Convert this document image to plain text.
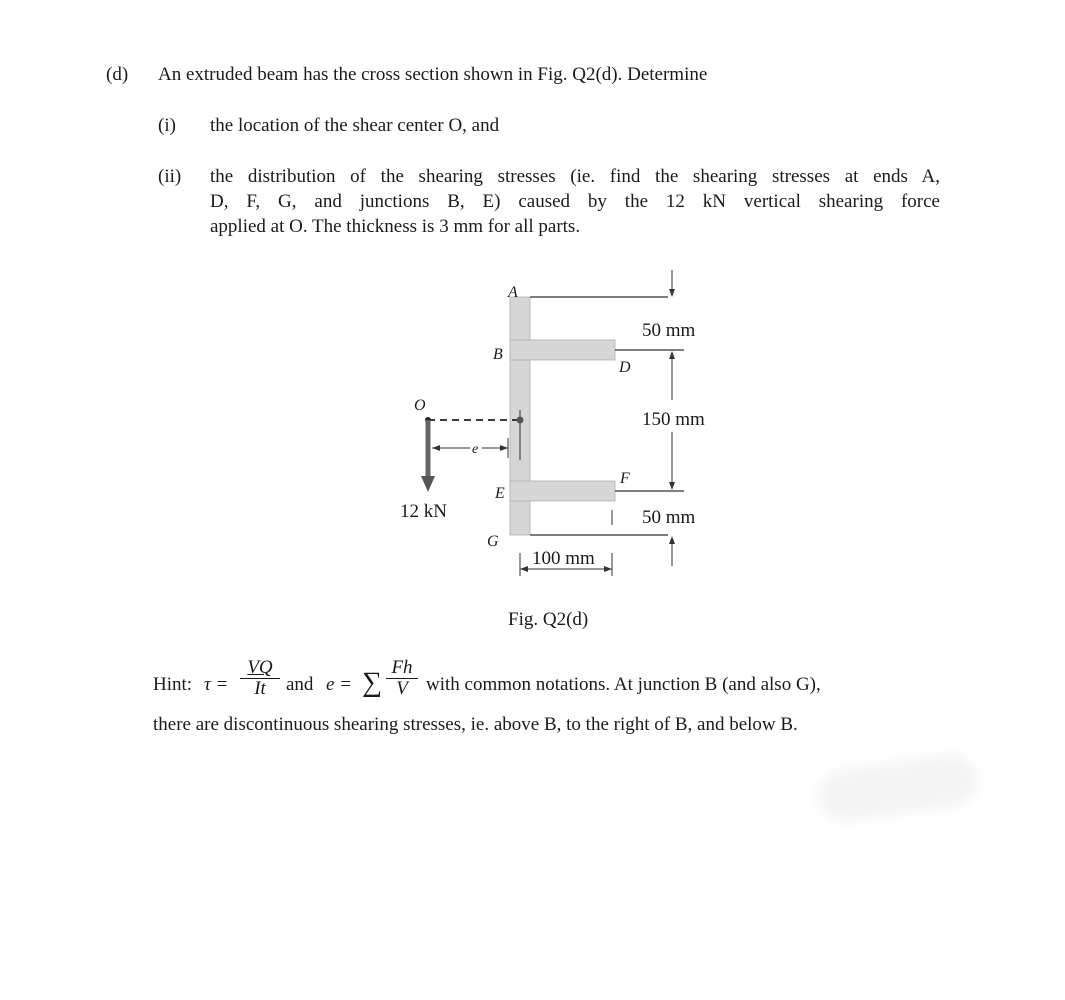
(d) An extruded beam has the cross section shown in Fig. Q2(d). Determine
(i) the location of the shear center O, and
(ii) the distribution of the shearing stresses (ie. find the shearing stresses at ends A,
D, F, G, and junctions B, E) caused by the 12 kN vertical shearing force
applied at O. The thickness is 3 mm for all parts.
A
B
D
O
E
F
G
e
12 kN
50 mm
150 mm
50 mm
100 mm
Fig. Q2(d)
Hint: $\tau = \frac{VQ}{It}$ and e = ∑ $\frac{Fh}{V}$ with common notations. At junction B (and also G),
there are discontinuous shearing stresses, ie. above B, to the right of B, and below B.
